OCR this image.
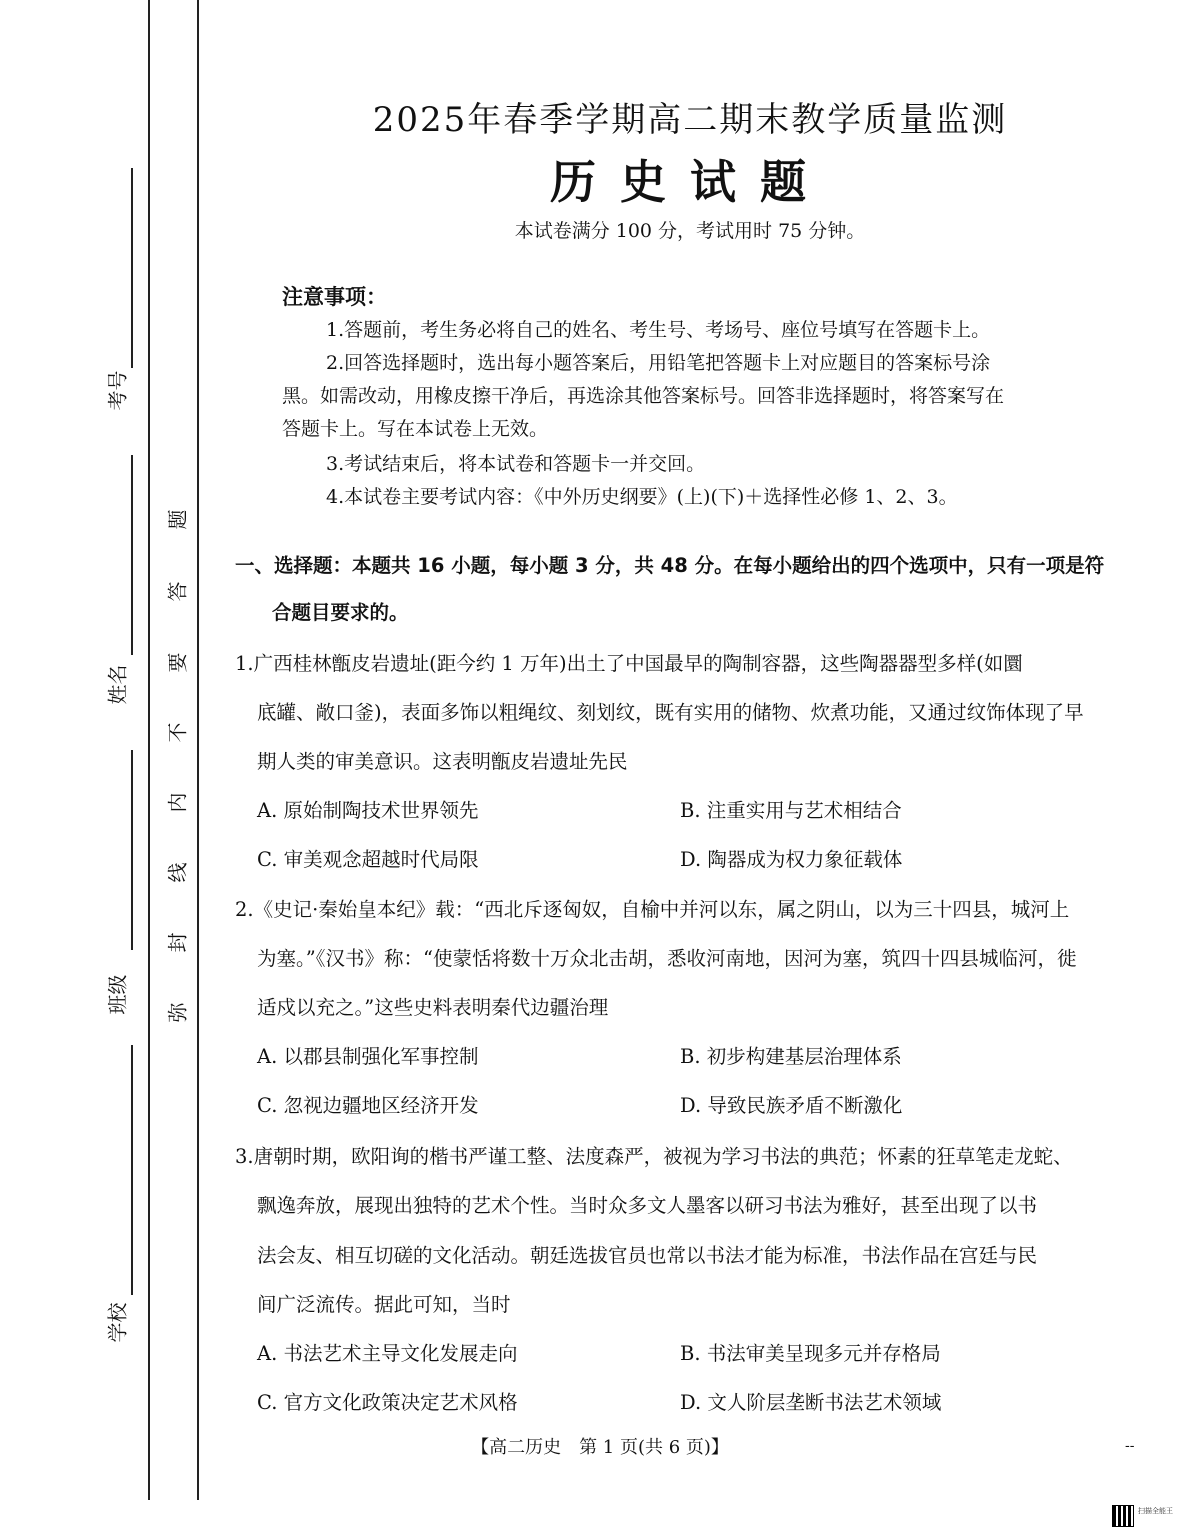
考号
姓名
班级
学校
题
答
要
不
内
线
封
弥
2025年春季学期高二期末教学质量监测
历史试题
本试卷满分 100 分，考试用时 75 分钟。
注意事项：
1.答题前，考生务必将自己的姓名、考生号、考场号、座位号填写在答题卡上。
2.回答选择题时，选出每小题答案后，用铅笔把答题卡上对应题目的答案标号涂
黑。如需改动，用橡皮擦干净后，再选涂其他答案标号。回答非选择题时，将答案写在
答题卡上。写在本试卷上无效。
3.考试结束后，将本试卷和答题卡一并交回。
4.本试卷主要考试内容：《中外历史纲要》(上)(下)＋选择性必修 1、2、3。
一、选择题：本题共 16 小题，每小题 3 分，共 48 分。在每小题给出的四个选项中，只有一项是符
合题目要求的。
1.广西桂林甑皮岩遗址(距今约 1 万年)出土了中国最早的陶制容器，这些陶器器型多样(如圜
底罐、敞口釜)，表面多饰以粗绳纹、刻划纹，既有实用的储物、炊煮功能，又通过纹饰体现了早
期人类的审美意识。这表明甑皮岩遗址先民
A. 原始制陶技术世界领先	B. 注重实用与艺术相结合
C. 审美观念超越时代局限	D. 陶器成为权力象征载体
2.《史记·秦始皇本纪》载：“西北斥逐匈奴，自榆中并河以东，属之阴山，以为三十四县，城河上
为塞。”《汉书》称：“使蒙恬将数十万众北击胡，悉收河南地，因河为塞，筑四十四县城临河，徙
适戍以充之。”这些史料表明秦代边疆治理
A. 以郡县制强化军事控制	B. 初步构建基层治理体系
C. 忽视边疆地区经济开发	D. 导致民族矛盾不断激化
3.唐朝时期，欧阳询的楷书严谨工整、法度森严，被视为学习书法的典范；怀素的狂草笔走龙蛇、
飘逸奔放，展现出独特的艺术个性。当时众多文人墨客以研习书法为雅好，甚至出现了以书
法会友、相互切磋的文化活动。朝廷选拔官员也常以书法才能为标准，书法作品在宫廷与民
间广泛流传。据此可知，当时
A. 书法艺术主导文化发展走向	B. 书法审美呈现多元并存格局
C. 官方文化政策决定艺术风格	D. 文人阶层垄断书法艺术领域
【高二历史　第 1 页(共 6 页)】	--
扫描全能王
